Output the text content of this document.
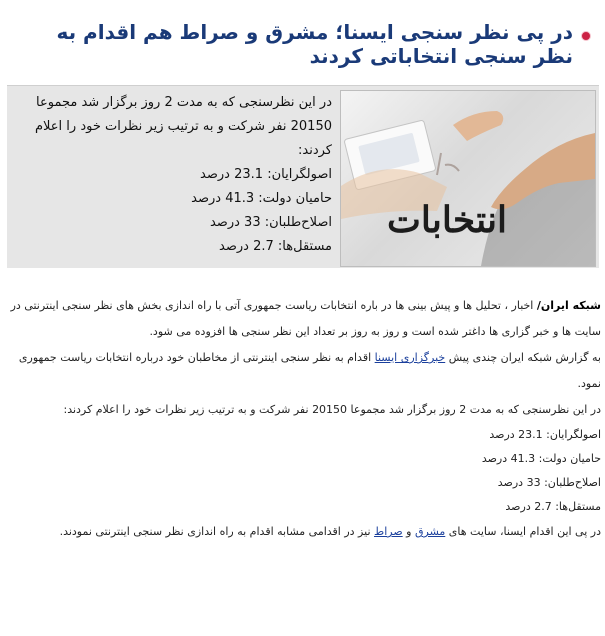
در پی نظر سنجی ایسنا؛ مشرق و صراط هم اقدام به نظر سنجی انتخاباتی کردند
انتخابات

در این نظرسنجی که به مدت 2 روز برگزار شد مجموعا 20150 نفر شرکت و به ترتیب زیر نظرات خود را اعلام کردند:

اصولگرایان: 23.1 درصد

حامیان دولت: 41.3 درصد

اصلاح‌طلبان: 33 درصد

مستقل‌ها: 2.7 درصد

شبکه ایران/ اخبار ، تحلیل ها و پیش بینی ها در باره انتخابات ریاست جمهوری آتی با راه اندازی بخش های نظر سنجی اینترنتی در سایت ها و خبر گزاری ها داغتر شده است و روز به روز بر تعداد این نظر سنجی ها افزوده می شود.

به گزارش شبکه ایران چندی پیش خبرگزاری ایسنا اقدام به نظر سنجی اینترنتی از مخاطبان خود درباره انتخابات ریاست جمهوری نمود.

در این نظرسنجی که به مدت 2 روز برگزار شد مجموعا 20150 نفر شرکت و به ترتیب زیر نظرات خود را اعلام کردند:

اصولگرایان: 23.1 درصد

حامیان دولت: 41.3 درصد

اصلاح‌طلبان: 33 درصد

مستقل‌ها: 2.7 درصد

در پی این اقدام ایسنا، سایت های مشرق و صراط نیز در اقدامی مشابه اقدام به راه اندازی نظر سنجی اینترنتی نمودند.
